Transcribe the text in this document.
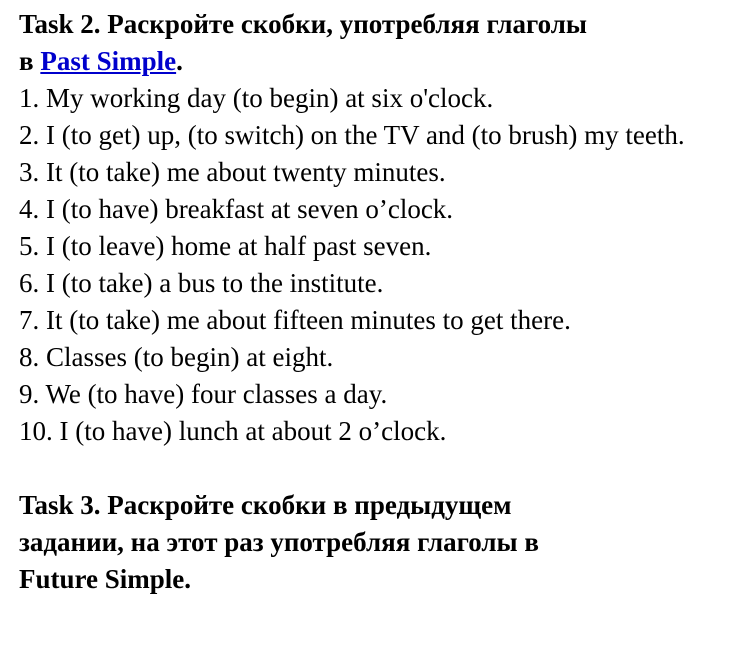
Task 2. Раскройте скобки, употребляя глаголы
в Past Simple.

1. My working day (to begin) at six o'clock.
2. I (to get) up, (to switch) on the TV and (to brush) my teeth.
3. It (to take) me about twenty minutes.
4. I (to have) breakfast at seven o’clock.
5. I (to leave) home at half past seven.
6. I (to take) a bus to the institute.
7. It (to take) me about fifteen minutes to get there.
8. Classes (to begin) at eight.
9. We (to have) four classes a day.
10. I (to have) lunch at about 2 o’clock.

Task 3. Раскройте скобки в предыдущем
задании, на этот раз употребляя глаголы в
Future Simple.
